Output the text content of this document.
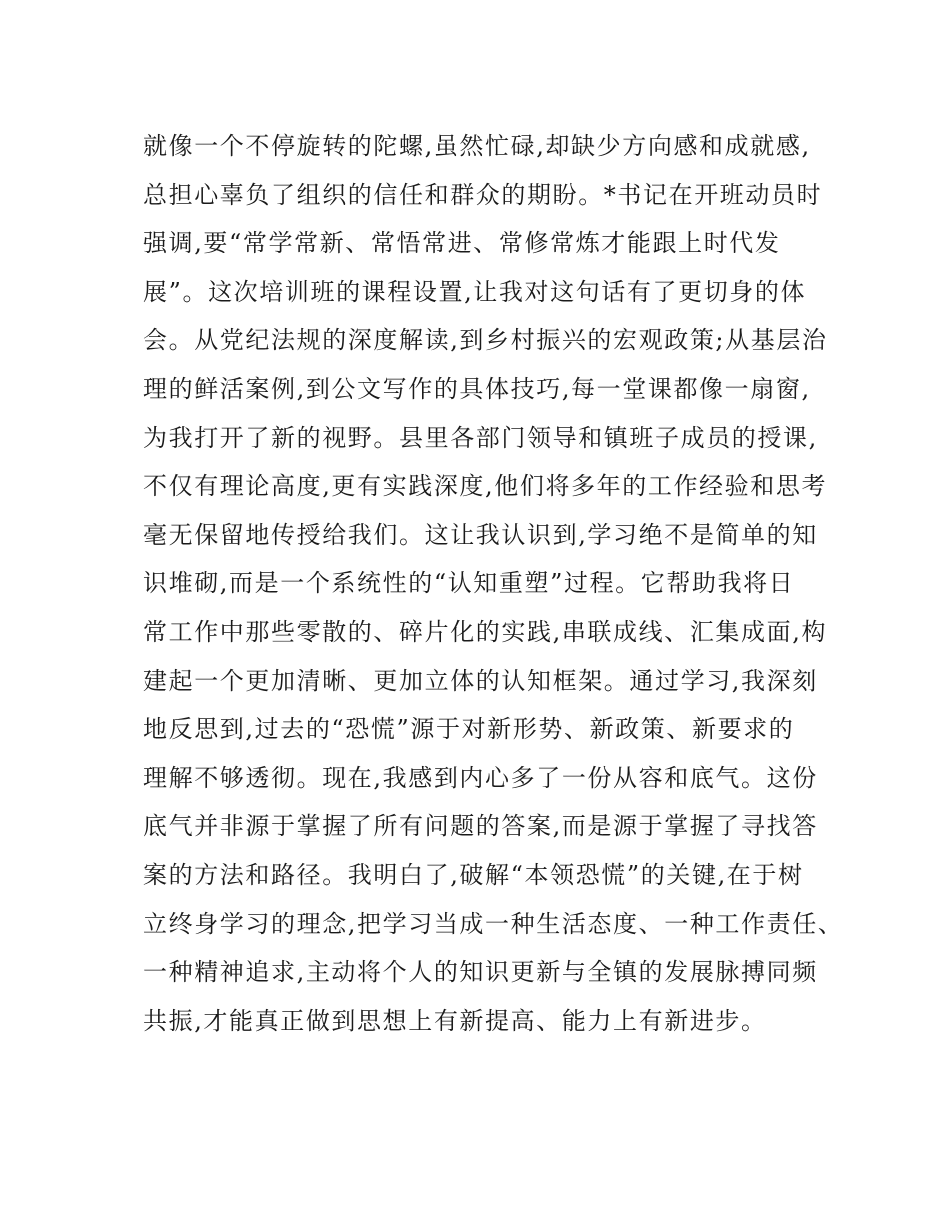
就像一个不停旋转的陀螺,虽然忙碌,却缺少方向感和成就感,
总担心辜负了组织的信任和群众的期盼。*书记在开班动员时
强调,要“常学常新、常悟常进、常修常炼才能跟上时代发
展”。这次培训班的课程设置,让我对这句话有了更切身的体
会。从党纪法规的深度解读,到乡村振兴的宏观政策;从基层治
理的鲜活案例,到公文写作的具体技巧,每一堂课都像一扇窗,
为我打开了新的视野。县里各部门领导和镇班子成员的授课,
不仅有理论高度,更有实践深度,他们将多年的工作经验和思考
毫无保留地传授给我们。这让我认识到,学习绝不是简单的知
识堆砌,而是一个系统性的“认知重塑”过程。它帮助我将日
常工作中那些零散的、碎片化的实践,串联成线、汇集成面,构
建起一个更加清晰、更加立体的认知框架。通过学习,我深刻
地反思到,过去的“恐慌”源于对新形势、新政策、新要求的
理解不够透彻。现在,我感到内心多了一份从容和底气。这份
底气并非源于掌握了所有问题的答案,而是源于掌握了寻找答
案的方法和路径。我明白了,破解“本领恐慌”的关键,在于树
立终身学习的理念,把学习当成一种生活态度、一种工作责任、
一种精神追求,主动将个人的知识更新与全镇的发展脉搏同频
共振,才能真正做到思想上有新提高、能力上有新进步。
